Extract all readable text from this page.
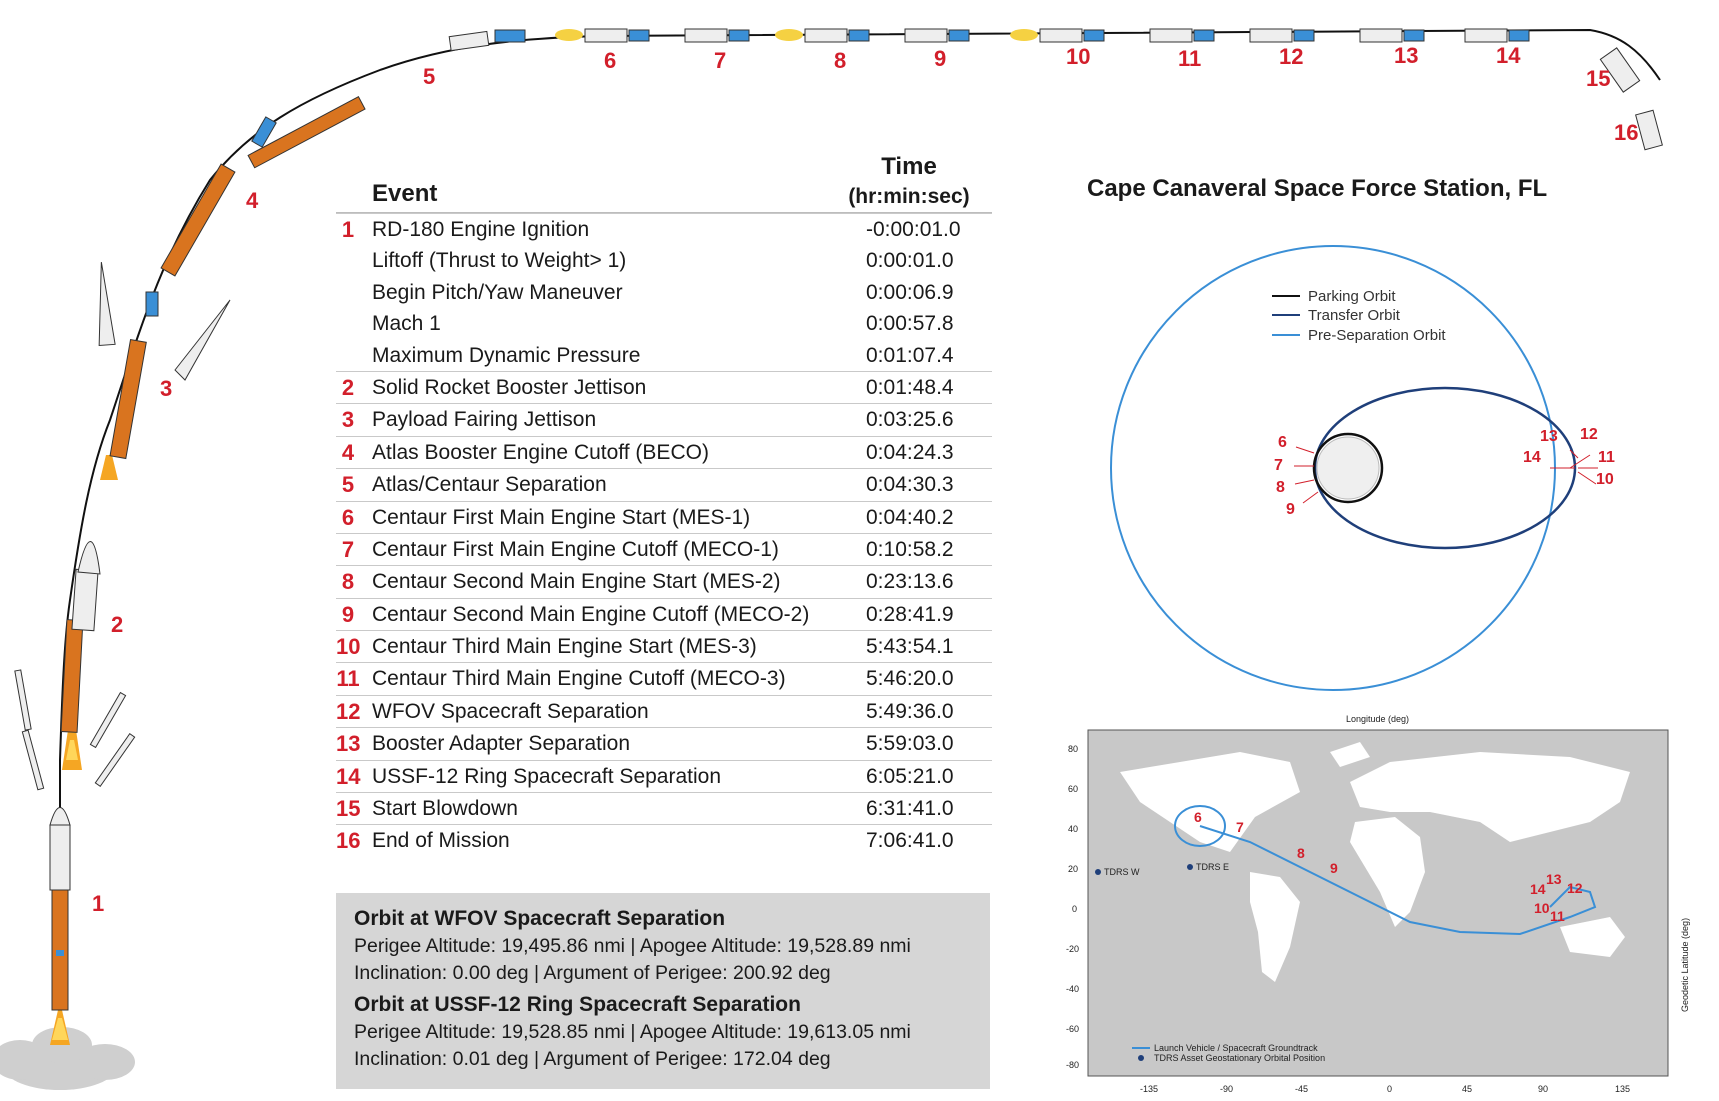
1
2
3
4
5
6	7	8	9	10	11	12	13	14
15
16
Event
Time
(hr:min:sec)
1 RD-180 Engine Ignition	-0:00:01.0
Liftoff (Thrust to Weight> 1)	0:00:01.0
Begin Pitch/Yaw Maneuver	0:00:06.9
Mach 1	0:00:57.8
Maximum Dynamic Pressure	0:01:07.4
2 Solid Rocket Booster Jettison	0:01:48.4
3 Payload Fairing Jettison	0:03:25.6
4 Atlas Booster Engine Cutoff (BECO)	0:04:24.3
5 Atlas/Centaur Separation	0:04:30.3
6 Centaur First Main Engine Start (MES-1)	0:04:40.2
7 Centaur First Main Engine Cutoff (MECO-1)	0:10:58.2
8 Centaur Second Main Engine Start (MES-2)	0:23:13.6
9 Centaur Second Main Engine Cutoff (MECO-2)	0:28:41.9
10 Centaur Third Main Engine Start (MES-3)	5:43:54.1
11 Centaur Third Main Engine Cutoff (MECO-3)	5:46:20.0
12 WFOV Spacecraft Separation	5:49:36.0
13 Booster Adapter Separation	5:59:03.0
14 USSF-12 Ring Spacecraft Separation	6:05:21.0
15 Start Blowdown	6:31:41.0
16 End of Mission	7:06:41.0
Orbit at WFOV Spacecraft Separation
Perigee Altitude: 19,495.86 nmi | Apogee Altitude: 19,528.89 nmi
Inclination: 0.00 deg | Argument of Perigee: 200.92 deg
Orbit at USSF-12 Ring Spacecraft Separation
Perigee Altitude: 19,528.85 nmi | Apogee Altitude: 19,613.05 nmi
Inclination: 0.01 deg | Argument of Perigee: 172.04 deg
Cape Canaveral Space Force Station, FL
Parking Orbit
Transfer Orbit
Pre-Separation Orbit
6
7
8
9
13 12
14	11
10
Longitude (deg)
TDRS W	TDRS E
6
7
8
9
13
12
14
10 11
80
60
40
20
0
-20
-40
-60
-80
-135	-90	-45	0	45	90	135
Geodetic Latitude (deg)
Launch Vehicle / Spacecraft Groundtrack
TDRS Asset Geostationary Orbital Position
